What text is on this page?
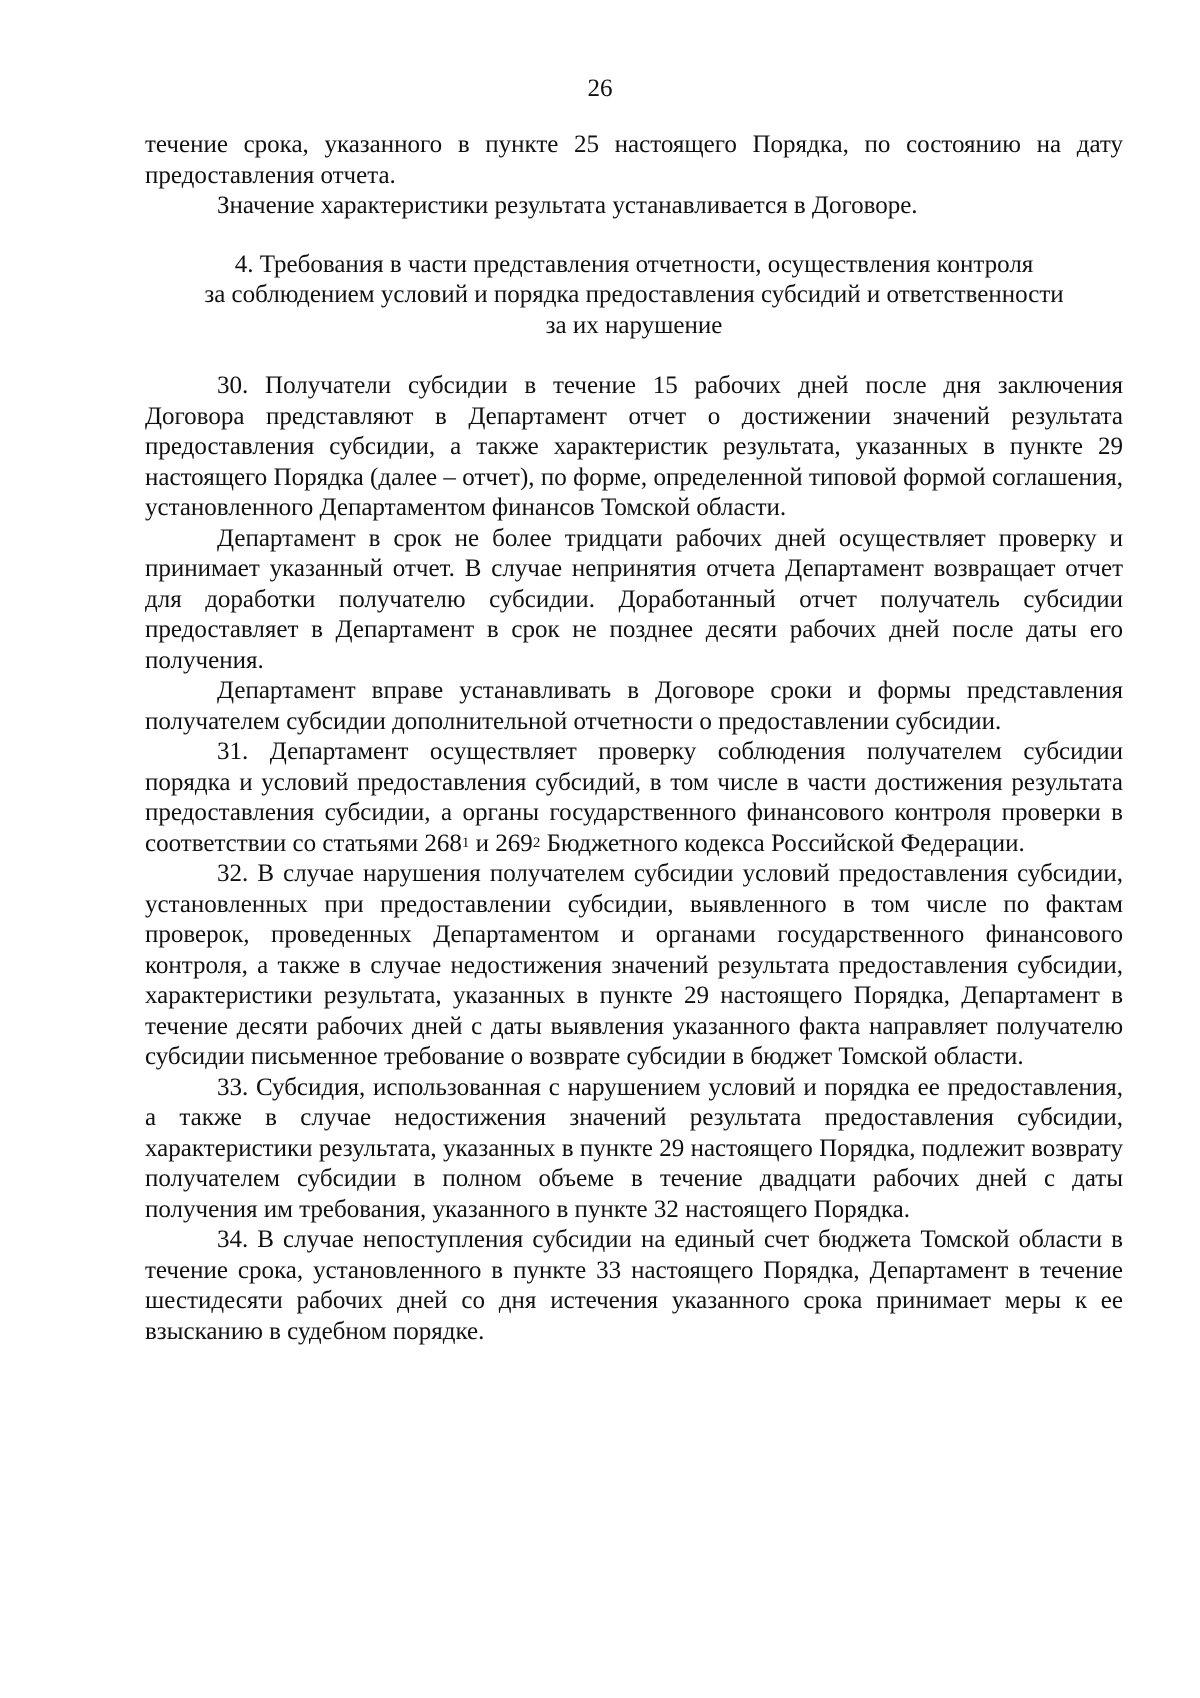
26

течение срока, указанного в пункте 25 настоящего Порядка, по состоянию на дату предоставления отчета.

Значение характеристики результата устанавливается в Договоре.

4. Требования в части представления отчетности, осуществления контроля
за соблюдением условий и порядка предоставления субсидий и ответственности
за их нарушение

30. Получатели субсидии в течение 15 рабочих дней после дня заключения Договора представляют в Департамент отчет о достижении значений результата предоставления субсидии, а также характеристик результата, указанных в пункте 29 настоящего Порядка (далее – отчет), по форме, определенной типовой формой соглашения, установленного Департаментом финансов Томской области.

Департамент в срок не более тридцати рабочих дней осуществляет проверку и принимает указанный отчет. В случае непринятия отчета Департамент возвращает отчет для доработки получателю субсидии. Доработанный отчет получатель субсидии предоставляет в Департамент в срок не позднее десяти рабочих дней после даты его получения.

Департамент вправе устанавливать в Договоре сроки и формы представления получателем субсидии дополнительной отчетности о предоставлении субсидии.

31. Департамент осуществляет проверку соблюдения получателем субсидии порядка и условий предоставления субсидий, в том числе в части достижения результата предоставления субсидии, а органы государственного финансового контроля проверки в соответствии со статьями $268^1$ и $269^2$ Бюджетного кодекса Российской Федерации.

32. В случае нарушения получателем субсидии условий предоставления субсидии, установленных при предоставлении субсидии, выявленного в том числе по фактам проверок, проведенных Департаментом и органами государственного финансового контроля, а также в случае недостижения значений результата предоставления субсидии, характеристики результата, указанных в пункте 29 настоящего Порядка, Департамент в течение десяти рабочих дней с даты выявления указанного факта направляет получателю субсидии письменное требование о возврате субсидии в бюджет Томской области.

33. Субсидия, использованная с нарушением условий и порядка ее предоставления, а также в случае недостижения значений результата предоставления субсидии, характеристики результата, указанных в пункте 29 настоящего Порядка, подлежит возврату получателем субсидии в полном объеме в течение двадцати рабочих дней с даты получения им требования, указанного в пункте 32 настоящего Порядка.

34. В случае непоступления субсидии на единый счет бюджета Томской области в течение срока, установленного в пункте 33 настоящего Порядка, Департамент в течение шестидесяти рабочих дней со дня истечения указанного срока принимает меры к ее взысканию в судебном порядке.
